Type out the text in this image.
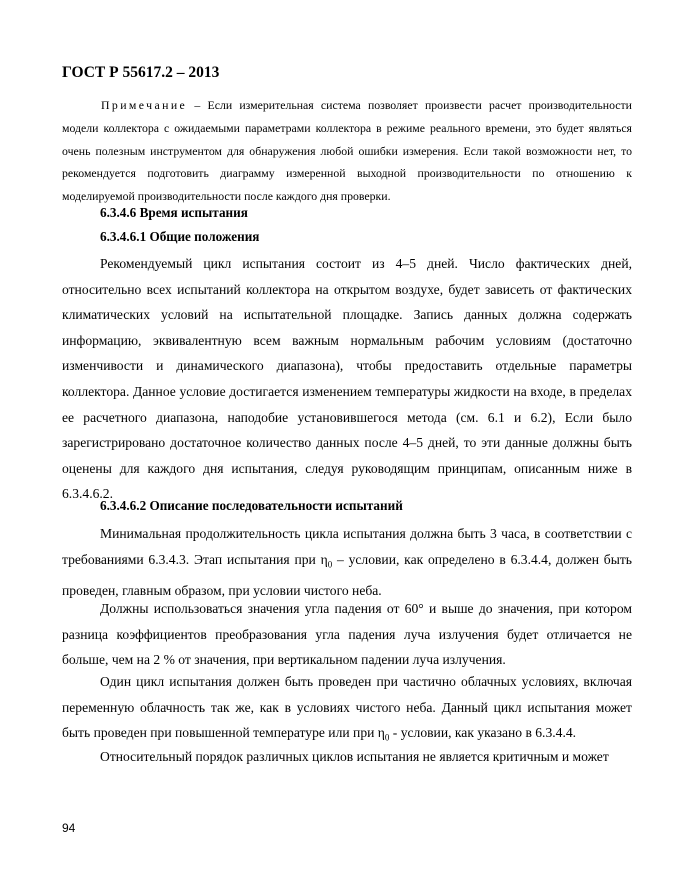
ГОСТ Р 55617.2 – 2013
Примечание – Если измерительная система позволяет произвести расчет производительности модели коллектора с ожидаемыми параметрами коллектора в режиме реального времени, это будет являться очень полезным инструментом для обнаружения любой ошибки измерения. Если такой возможности нет, то рекомендуется подготовить диаграмму измеренной выходной производительности по отношению к моделируемой производительности после каждого дня проверки.
6.3.4.6 Время испытания
6.3.4.6.1 Общие положения

Рекомендуемый цикл испытания состоит из 4–5 дней. Число фактических дней, относительно всех испытаний коллектора на открытом воздухе, будет зависеть от фактических климатических условий на испытательной площадке. Запись данных должна содержать информацию, эквивалентную всем важным нормальным рабочим условиям (достаточно изменчивости и динамического диапазона), чтобы предоставить отдельные параметры коллектора. Данное условие достигается изменением температуры жидкости на входе, в пределах ее расчетного диапазона, наподобие установившегося метода (см. 6.1 и 6.2), Если было зарегистрировано достаточное количество данных после 4–5 дней, то эти данные должны быть оценены для каждого дня испытания, следуя руководящим принципам, описанным ниже в 6.3.4.6.2.

6.3.4.6.2 Описание последовательности испытаний

Минимальная продолжительность цикла испытания должна быть 3 часа, в соответствии с требованиями 6.3.4.3. Этап испытания при $\eta_0$ – условии, как определено в 6.3.4.4, должен быть проведен, главным образом, при условии чистого неба.

Должны использоваться значения угла падения от 60° и выше до значения, при котором разница коэффициентов преобразования угла падения луча излучения будет отличается не больше, чем на 2 % от значения, при вертикальном падении луча излучения.

Один цикл испытания должен быть проведен при частично облачных условиях, включая переменную облачность так же, как в условиях чистого неба. Данный цикл испытания может быть проведен при повышенной температуре или при $\eta_0$ - условии, как указано в 6.3.4.4.

Относительный порядок различных циклов испытания не является критичным и может

94
